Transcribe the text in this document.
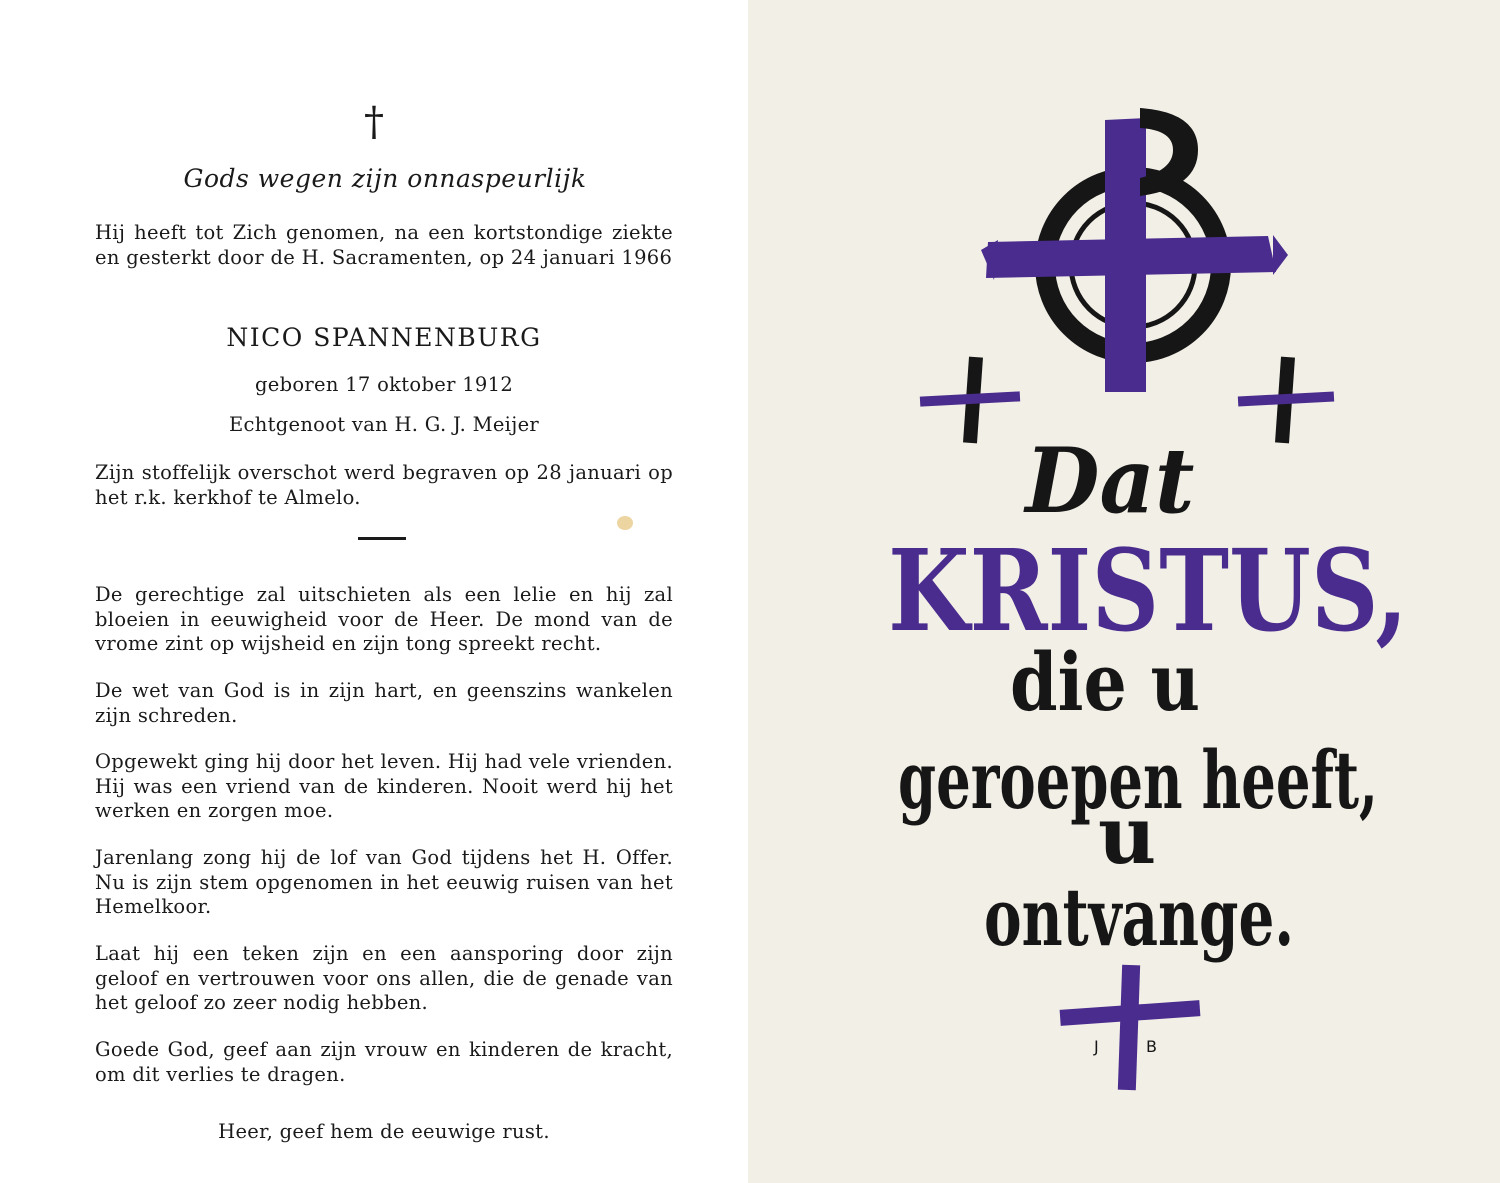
†
Gods wegen zijn onnaspeurlijk
Hij heeft tot Zich genomen, na een kortstondige ziekte en gesterkt door de H. Sacramenten, op 24 januari 1966
NICO SPANNENBURG
geboren 17 oktober 1912
Echtgenoot van H. G. J. Meijer
Zijn stoffelijk overschot werd begraven op 28 januari op het r.k. kerkhof te Almelo.
De gerechtige zal uitschieten als een lelie en hij zal bloeien in eeuwigheid voor de Heer. De mond van de vrome zint op wijsheid en zijn tong spreekt recht.
De wet van God is in zijn hart, en geenszins wankelen zijn schreden.
Opgewekt ging hij door het leven. Hij had vele vrienden. Hij was een vriend van de kinderen. Nooit werd hij het werken en zorgen moe.
Jarenlang zong hij de lof van God tijdens het H. Offer. Nu is zijn stem opgenomen in het eeuwig ruisen van het Hemelkoor.
Laat hij een teken zijn en een aansporing door zijn geloof en vertrouwen voor ons allen, die de genade van het geloof zo zeer nodig hebben.
Goede God, geef aan zijn vrouw en kinderen de kracht, om dit verlies te dragen.
Heer, geef hem de eeuwige rust.
Dat
KRISTUS,
die u
geroepen heeft,
u
ontvange.
J	B
